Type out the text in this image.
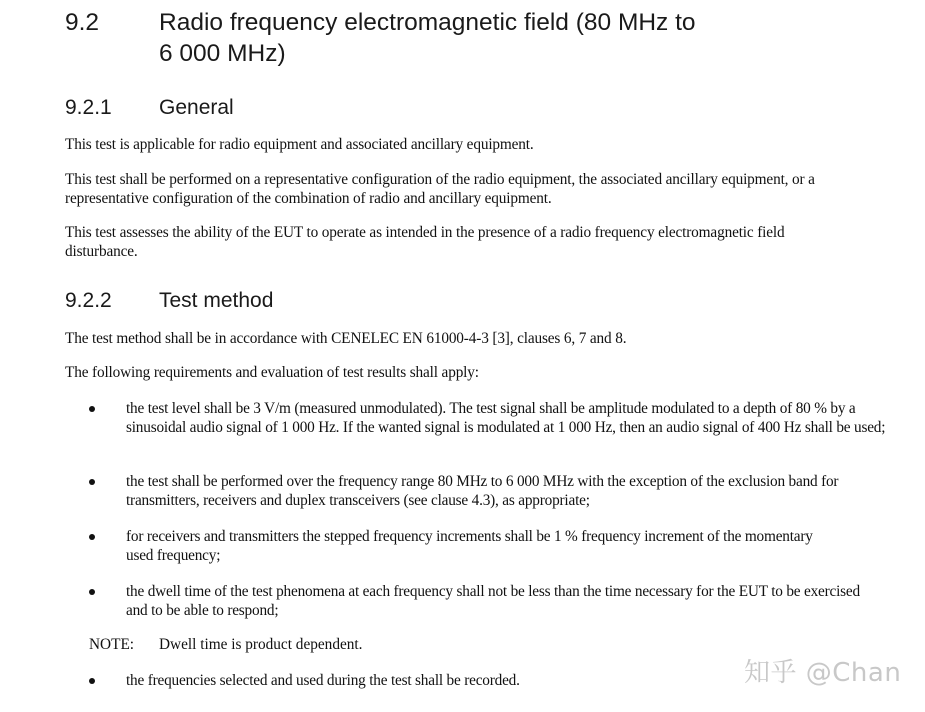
9.2 Radio frequency electromagnetic field (80 MHz to
6 000 MHz)
9.2.1 General
This test is applicable for radio equipment and associated ancillary equipment.
This test shall be performed on a representative configuration of the radio equipment, the associated ancillary equipment, or a representative configuration of the combination of radio and ancillary equipment.
This test assesses the ability of the EUT to operate as intended in the presence of a radio frequency electromagnetic field disturbance.
9.2.2 Test method
The test method shall be in accordance with CENELEC EN 61000-4-3 [3], clauses 6, 7 and 8.
The following requirements and evaluation of test results shall apply:
the test level shall be 3 V/m (measured unmodulated). The test signal shall be amplitude modulated to a depth of 80 % by a sinusoidal audio signal of 1 000 Hz. If the wanted signal is modulated at 1 000 Hz, then an audio signal of 400 Hz shall be used;
the test shall be performed over the frequency range 80 MHz to 6 000 MHz with the exception of the exclusion band for transmitters, receivers and duplex transceivers (see clause 4.3), as appropriate;
for receivers and transmitters the stepped frequency increments shall be 1 % frequency increment of the momentary used frequency;
the dwell time of the test phenomena at each frequency shall not be less than the time necessary for the EUT to be exercised and to be able to respond;
NOTE: Dwell time is product dependent.
the frequencies selected and used during the test shall be recorded.	知乎 @Chan
